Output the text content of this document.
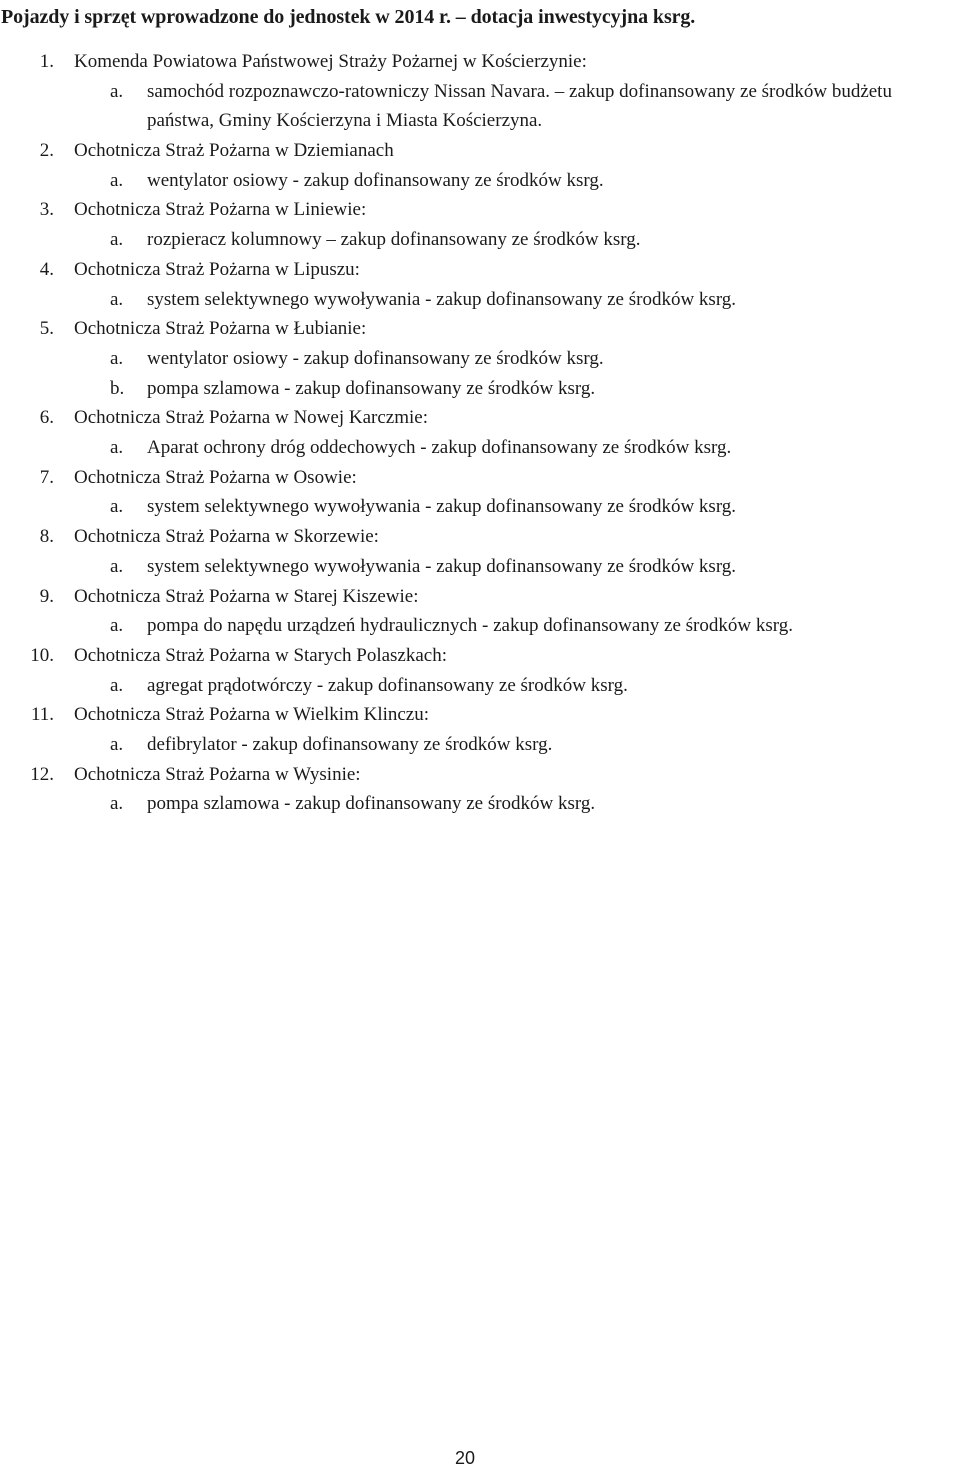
Pojazdy i sprzęt wprowadzone do jednostek w 2014 r. – dotacja inwestycyjna ksrg.
1. Komenda Powiatowa Państwowej Straży Pożarnej w Kościerzynie:
a. samochód rozpoznawczo-ratowniczy Nissan Navara. – zakup dofinansowany ze środków budżetu państwa, Gminy Kościerzyna i Miasta Kościerzyna.
2. Ochotnicza Straż Pożarna w Dziemianach
a. wentylator osiowy - zakup dofinansowany ze środków ksrg.
3. Ochotnicza Straż Pożarna w Liniewie:
a. rozpieracz kolumnowy – zakup dofinansowany ze środków ksrg.
4. Ochotnicza Straż Pożarna w Lipuszu:
a. system selektywnego wywoływania - zakup dofinansowany ze środków ksrg.
5. Ochotnicza Straż Pożarna w Łubianie:
a. wentylator osiowy - zakup dofinansowany ze środków ksrg.
b. pompa szlamowa - zakup dofinansowany ze środków ksrg.
6. Ochotnicza Straż Pożarna w Nowej Karczmie:
a. Aparat ochrony dróg oddechowych - zakup dofinansowany ze środków ksrg.
7. Ochotnicza Straż Pożarna w Osowie:
a. system selektywnego wywoływania - zakup dofinansowany ze środków ksrg.
8. Ochotnicza Straż Pożarna w Skorzewie:
a. system selektywnego wywoływania - zakup dofinansowany ze środków ksrg.
9. Ochotnicza Straż Pożarna w Starej Kiszewie:
a. pompa do napędu urządzeń hydraulicznych - zakup dofinansowany ze środków ksrg.
10. Ochotnicza Straż Pożarna w Starych Polaszkach:
a. agregat prądotwórczy - zakup dofinansowany ze środków ksrg.
11. Ochotnicza Straż Pożarna w Wielkim Klinczu:
a. defibrylator - zakup dofinansowany ze środków ksrg.
12. Ochotnicza Straż Pożarna w Wysinie:
a. pompa szlamowa - zakup dofinansowany ze środków ksrg.
20
